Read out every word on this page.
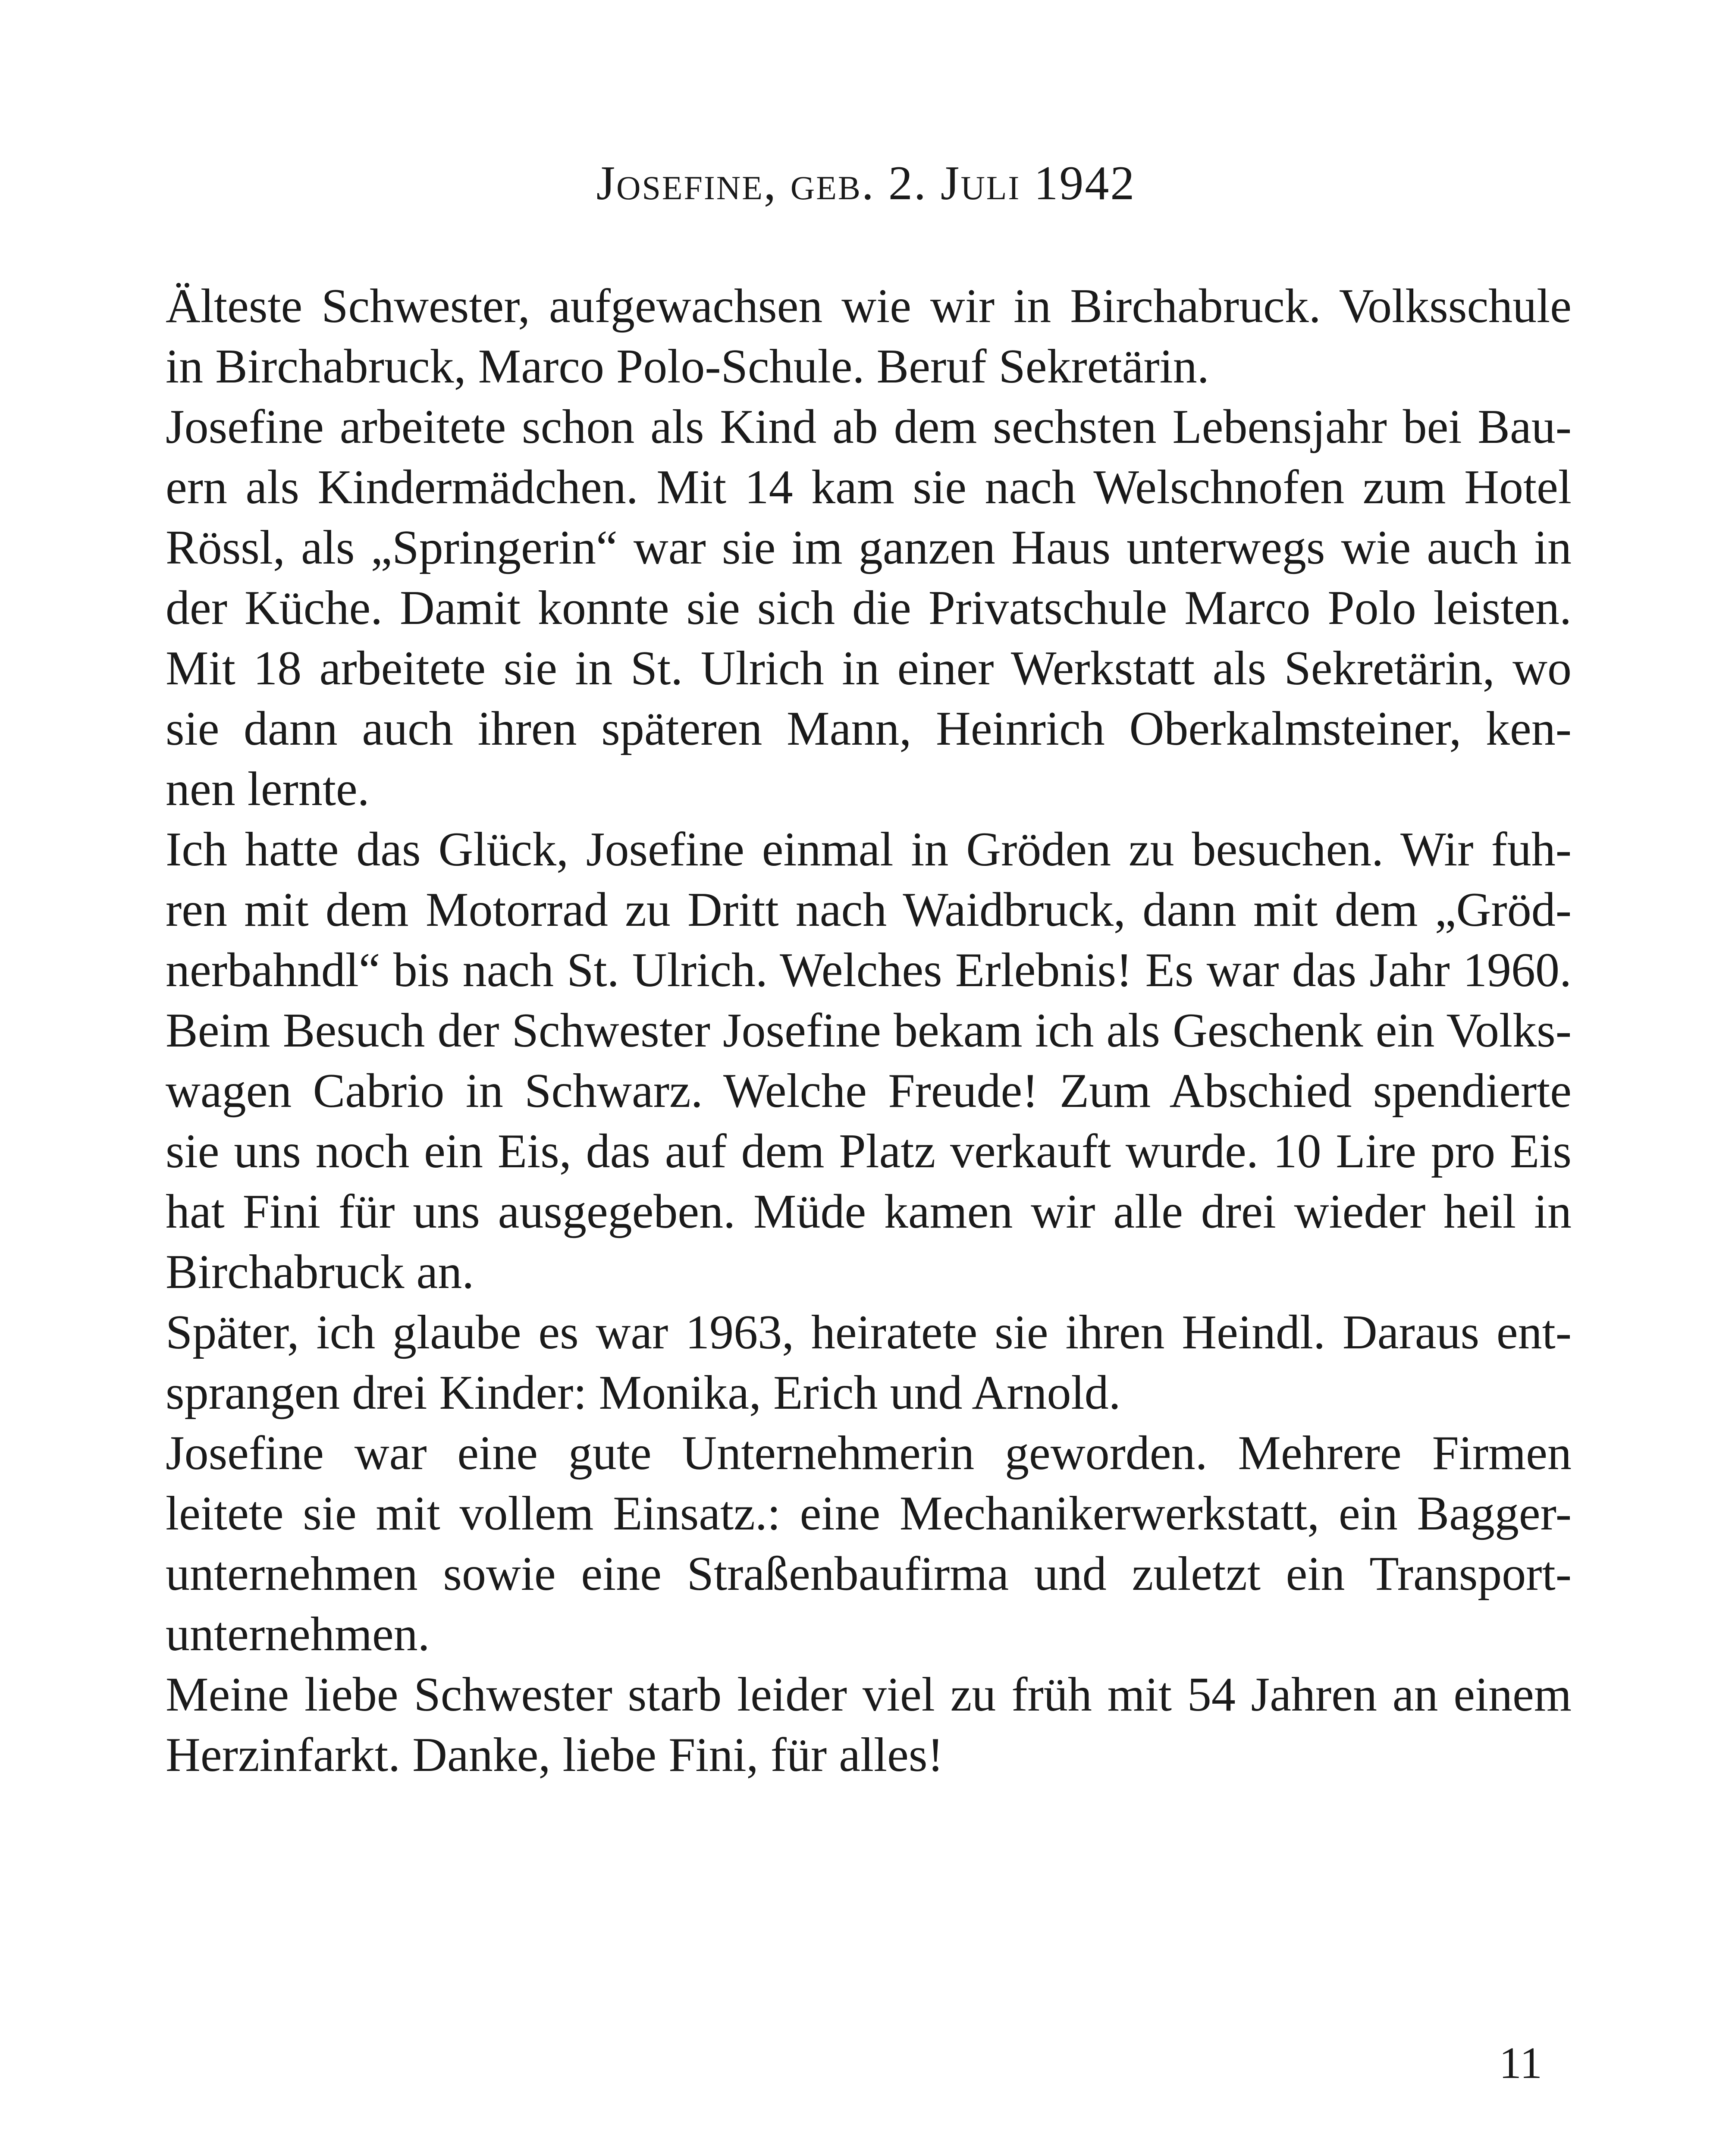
Josefine, geb. 2. Juli 1942
Älteste Schwester, aufgewachsen wie wir in Birchabruck. Volksschule
in Birchabruck, Marco Polo-Schule. Beruf Sekretärin.
Josefine arbeitete schon als Kind ab dem sechsten Lebensjahr bei Bau-
ern als Kindermädchen. Mit 14 kam sie nach Welschnofen zum Hotel
Rössl, als „Springerin“ war sie im ganzen Haus unterwegs wie auch in
der Küche. Damit konnte sie sich die Privatschule Marco Polo leisten.
Mit 18 arbeitete sie in St. Ulrich in einer Werkstatt als Sekretärin, wo
sie dann auch ihren späteren Mann, Heinrich Oberkalmsteiner, ken-
nen lernte.
Ich hatte das Glück, Josefine einmal in Gröden zu besuchen. Wir fuh-
ren mit dem Motorrad zu Dritt nach Waidbruck, dann mit dem „Gröd-
nerbahndl“ bis nach St. Ulrich. Welches Erlebnis! Es war das Jahr 1960.
Beim Besuch der Schwester Josefine bekam ich als Geschenk ein Volks-
wagen Cabrio in Schwarz. Welche Freude! Zum Abschied spendierte
sie uns noch ein Eis, das auf dem Platz verkauft wurde. 10 Lire pro Eis
hat Fini für uns ausgegeben. Müde kamen wir alle drei wieder heil in
Birchabruck an.
Später, ich glaube es war 1963, heiratete sie ihren Heindl. Daraus ent-
sprangen drei Kinder: Monika, Erich und Arnold.
Josefine war eine gute Unternehmerin geworden. Mehrere Firmen
leitete sie mit vollem Einsatz.: eine Mechanikerwerkstatt, ein Bagger-
unternehmen sowie eine Straßenbaufirma und zuletzt ein Transport-
unternehmen.
Meine liebe Schwester starb leider viel zu früh mit 54 Jahren an einem
Herzinfarkt. Danke, liebe Fini, für alles!
11
